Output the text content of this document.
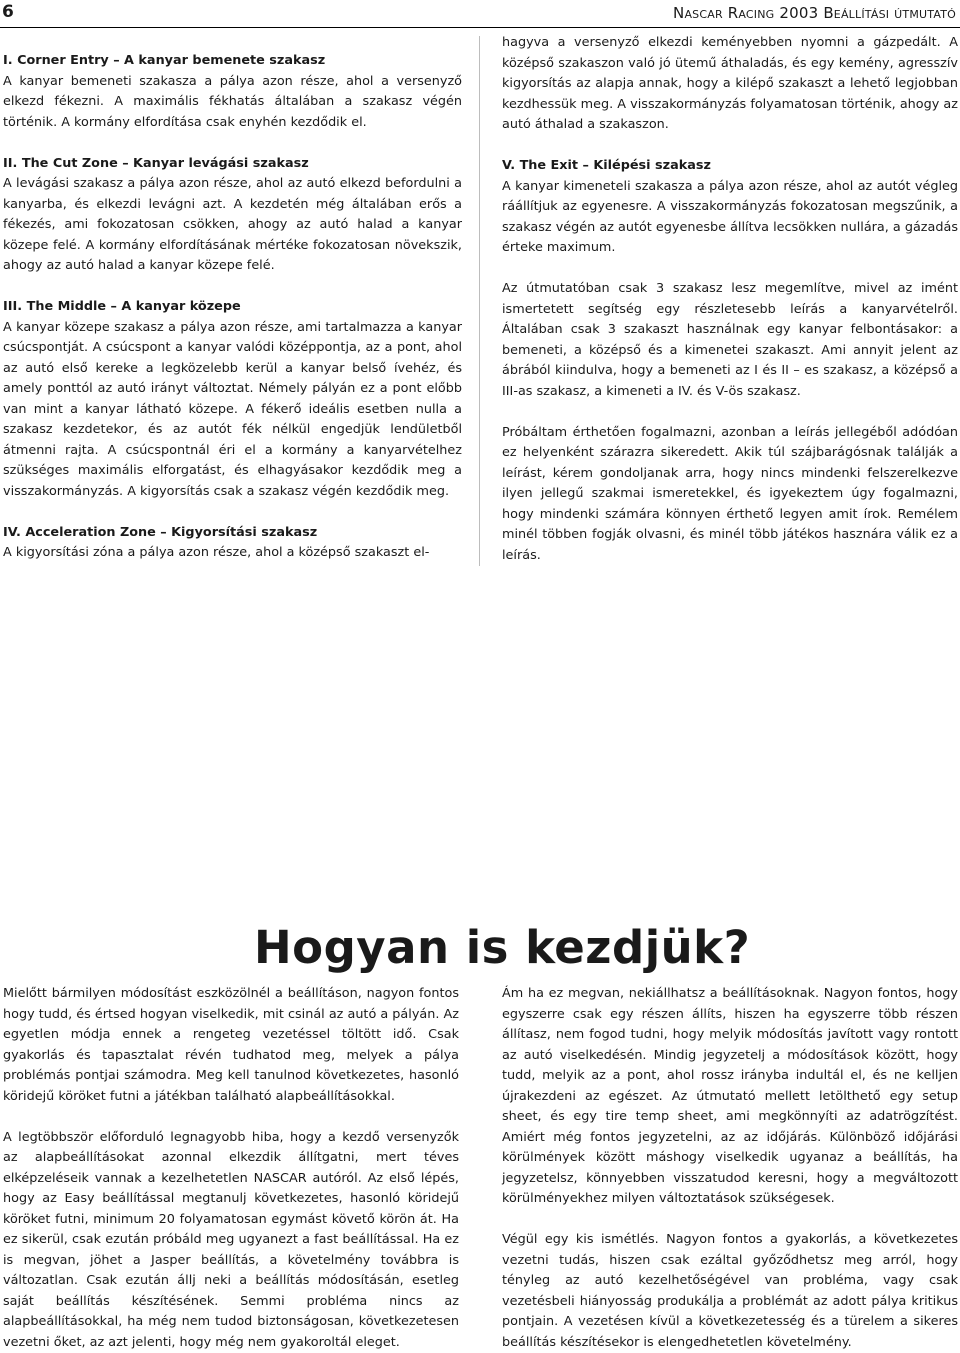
6	Nascar Racing 2003 Beállítási útmutató
I. Corner Entry – A kanyar bemenete szakasz

A kanyar bemeneti szakasza a pálya azon része, ahol a versenyző elkezd fékezni. A maximális fékhatás általában a szakasz végén történik. A kormány elfordítása csak enyhén kezdődik el.

II. The Cut Zone – Kanyar levágási szakasz

A levágási szakasz a pálya azon része, ahol az autó elkezd befordulni a kanyarba, és elkezdi levágni azt. A kezdetén még általában erős a fékezés, ami fokozatosan csökken, ahogy az autó halad a kanyar közepe felé. A kormány elfordításának mértéke fokozatosan növekszik, ahogy az autó halad a kanyar közepe felé.

III. The Middle – A kanyar közepe

A kanyar közepe szakasz a pálya azon része, ami tartalmazza a kanyar csúcspontját. A csúcspont a kanyar valódi középpontja, az a pont, ahol az autó első kereke a legközelebb kerül a kanyar belső ívehéz, és amely ponttól az autó irányt változtat. Némely pályán ez a pont előbb van mint a kanyar látható közepe. A fékerő ideális esetben nulla a szakasz kezdetekor, és az autót fék nélkül engedjük lendületből átmenni rajta. A csúcspontnál éri el a kormány a kanyarvételhez szükséges maximális elforgatást, és elhagyásakor kezdődik meg a visszakormányzás. A kigyorsítás csak a szakasz végén kezdődik meg.

IV. Acceleration Zone – Kigyorsítási szakasz

A kigyorsítási zóna a pálya azon része, ahol a középső szakaszt el-

hagyva a versenyző elkezdi keményebben nyomni a gázpedált. A középső szakaszon való jó ütemű áthaladás, és egy kemény, agresszív kigyorsítás az alapja annak, hogy a kilépő szakaszt a lehető legjobban kezdhessük meg. A visszakormányzás folyamatosan történik, ahogy az autó áthalad a szakaszon.

V. The Exit – Kilépési szakasz

A kanyar kimeneteli szakasza a pálya azon része, ahol az autót végleg ráállítjuk az egyenesre. A visszakormányzás fokozatosan megszűnik, a szakasz végén az autót egyenesbe állítva lecsökken nullára, a gázadás érteke maximum.

Az útmutatóban csak 3 szakasz lesz megemlítve, mivel az imént ismertetett segítség egy részletesebb leírás a kanyarvételről. Általában csak 3 szakaszt használnak egy kanyar felbontásakor: a bemeneti, a középső és a kimenetei szakaszt. Ami annyit jelent az ábrából kiindulva, hogy a bemeneti az I és II – es szakasz, a középső a III-as szakasz, a kimeneti a IV. és V-ös szakasz.

Próbáltam érthetően fogalmazni, azonban a leírás jellegéből adódóan ez helyenként szárazra sikeredett. Akik túl szájbarágósnak találják a leírást, kérem gondoljanak arra, hogy nincs mindenki felszerelkezve ilyen jellegű szakmai ismeretekkel, és igyekeztem úgy fogalmazni, hogy mindenki számára könnyen érthető legyen amit írok. Remélem minél többen fogják olvasni, és minél több játékos hasznára válik ez a leírás.

Hogyan is kezdjük?

Mielőtt bármilyen módosítást eszközölnél a beállításon, nagyon fontos hogy tudd, és értsed hogyan viselkedik, mit csinál az autó a pályán. Az egyetlen módja ennek a rengeteg vezetéssel töltött idő. Csak gyakorlás és tapasztalat révén tudhatod meg, melyek a pálya problémás pontjai számodra. Meg kell tanulnod következetes, hasonló köridejű köröket futni a játékban található alapbeállításokkal.

A legtöbbször előforduló legnagyobb hiba, hogy a kezdő versenyzők az alapbeállításokat azonnal elkezdik állítgatni, mert téves elképzeléseik vannak a kezelhetetlen NASCAR autóról. Az első lépés, hogy az Easy beállítással megtanulj következetes, hasonló köridejű köröket futni, minimum 20 folyamatosan egymást követő körön át. Ha ez sikerül, csak ezután próbáld meg ugyanezt a fast beállítással. Ha ez is megvan, jöhet a Jasper beállítás, a követelmény továbbra is változatlan. Csak ezután állj neki a beállítás módosításán, esetleg saját beállítás készítésének. Semmi probléma nincs az alapbeállításokkal, ha még nem tudod biztonságosan, következetesen vezetni őket, az azt jelenti, hogy még nem gyakoroltál eleget.

Ám ha ez megvan, nekiállhatsz a beállításoknak. Nagyon fontos, hogy egyszerre csak egy részen állíts, hiszen ha egyszerre több részen állítasz, nem fogod tudni, hogy melyik módosítás javított vagy rontott az autó viselkedésén. Mindig jegyzetelj a módosítások között, hogy tudd, melyik az a pont, ahol rossz irányba indultál el, és ne kelljen újrakezdeni az egészet. Az útmutató mellett letölthető egy setup sheet, és egy tire temp sheet, ami megkönnyíti az adatrögzítést. Amiért még fontos jegyzetelni, az az időjárás. Különböző időjárási körülmények között máshogy viselkedik ugyanaz a beállítás, ha jegyzetelsz, könnyebben visszatudod keresni, hogy a megváltozott körülményekhez milyen változtatások szükségesek.

Végül egy kis ismétlés. Nagyon fontos a gyakorlás, a következetes vezetni tudás, hiszen csak ezáltal győződhetsz meg arról, hogy tényleg az autó kezelhetőségével van probléma, vagy csak vezetésbeli hiányosság produkálja a problémát az adott pálya kritikus pontjain. A vezetésen kívül a következetesség és a türelem a sikeres beállítás készítésekor is elengedhetetlen követelmény.
